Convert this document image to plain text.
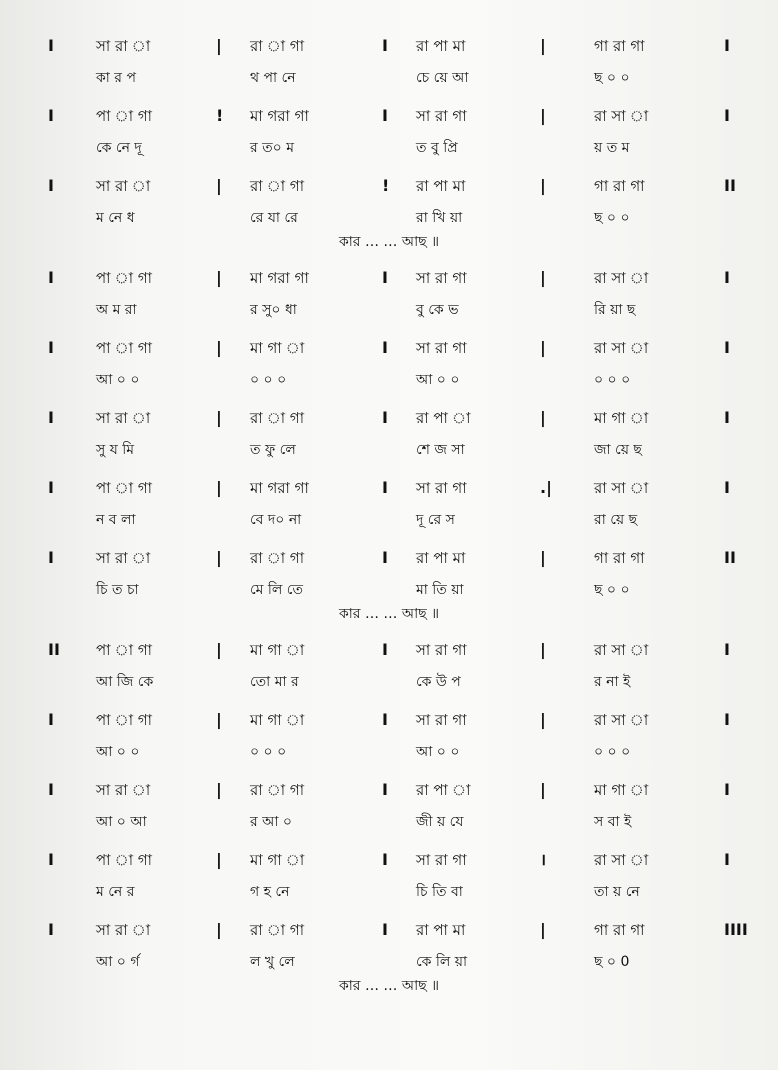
I	সা রা া	| রা া গা	I রা পা মা	|	গা রা গা	I
কা র প	থ পা নে	চে য়ে আ	ছ ০ ০
I	পা া গা	! মা গরা গা	I সা রা গা	|	রা সা া	I
কে নে দূ	র ত০ ম	ত বু প্রি	য় ত ম
I	সা রা া	| রা া গা	! রা পা মা	|	গা রা গা	II
ম নে ধ	রে যা রে	রা খি য়া	ছ ০ ০
কার … … আছ ॥
I	পা া গা	| মা গরা গা	I সা রা গা	|	রা সা া	I
অ ম রা	র সু০ ধা	বু কে ভ	রি য়া ছ
I	পা া গা	| মা গা া	I সা রা গা	|	রা সা া	I
আ ০ ০	০ ০ ০	আ ০ ০	০ ০ ০
I	সা রা া	| রা া গা	I রা পা া	|	মা গা া	I
সু য মি	ত ফু লে	শে জ সা	জা য়ে ছ
I	পা া গা	| মা গরা গা	I সা রা গা	.|	রা সা া	I
ন ব লা	বে দ০ না	দূ রে স	রা য়ে ছ
I	সা রা া	| রা া গা	I রা পা মা	|	গা রা গা	II
চি ত চা	মে লি তে	মা তি য়া	ছ ০ ০
কার … … আছ ॥
II পা া গা	| মা গা া	I সা রা গা	|	রা সা া	I
আ জি কে	তো মা র	কে উ প	র না ই
I	পা া গা	| মা গা া	I সা রা গা	|	রা সা া	I
আ ০ ০	০ ০ ০	আ ০ ০	০ ০ ০
I	সা রা া	| রা া গা	I রা পা া	|	মা গা া	I
আ ০ আ	র আ ০	জী য় যে	স বা ই
I	পা া গা	| মা গা া	I সা রা গা	।	রা সা া	I
ম নে র	গ হ নে	চি তি বা	তা য় নে
I	সা রা া	| রা া গা	I রা পা মা	|	গা রা গা	IIII
আ ০ র্গ	ল খু লে	কে লি য়া	ছ ০ 0
কার … … আছ ॥
